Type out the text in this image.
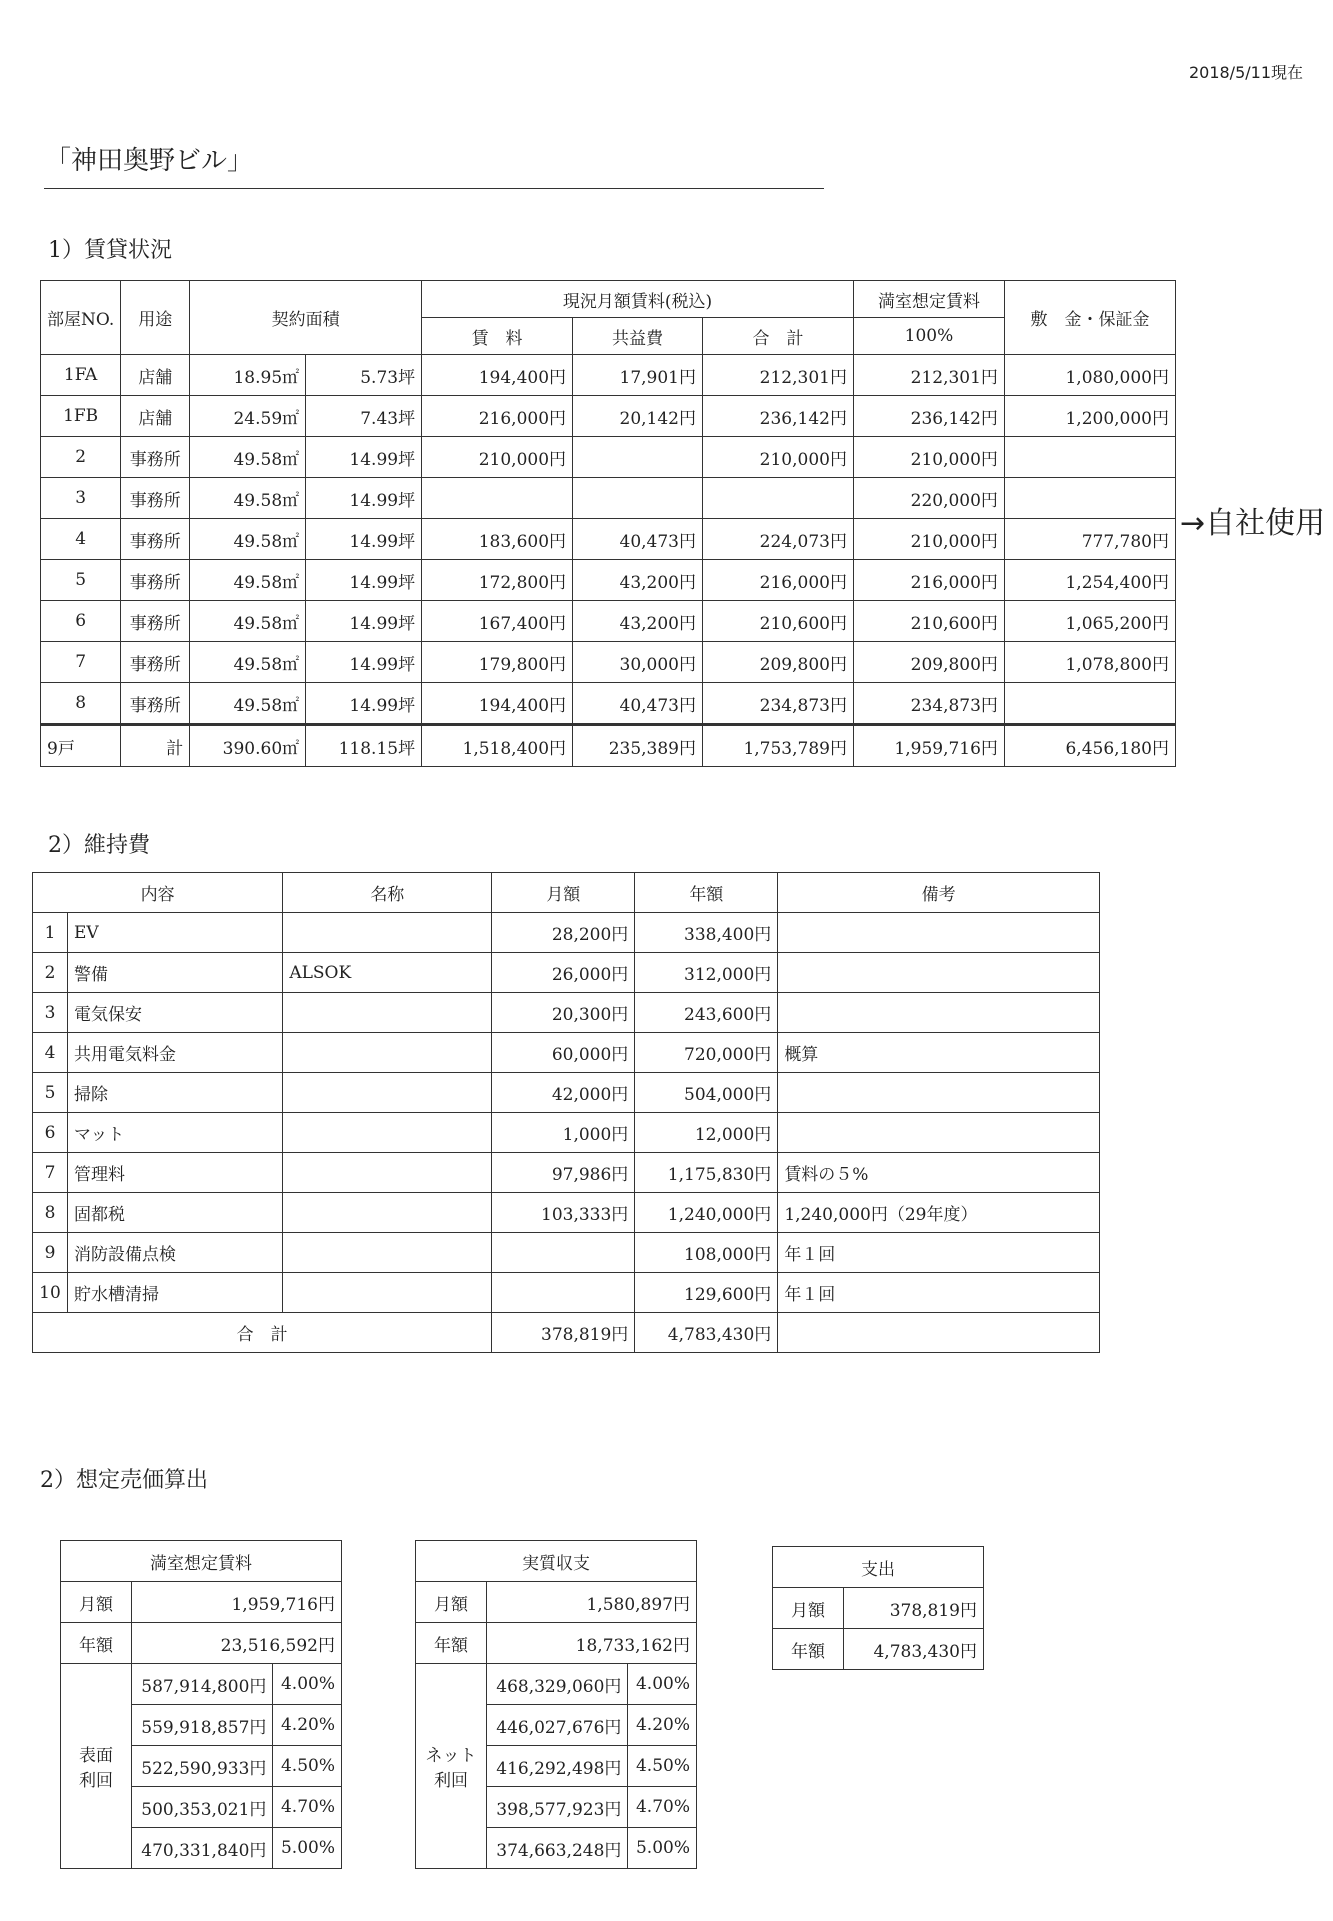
2018/5/11現在
「神田奥野ビル」
1）賃貸状況
部屋NO.	用途	契約面積		現況月額賃料(税込)			満室想定賃料	敷　金・保証金
				賃　料	共益費	合　計	100%	
1FA	店舗	18.95㎡	5.73坪	194,400円	17,901円	212,301円	212,301円	1,080,000円
1FB	店舗	24.59㎡	7.43坪	216,000円	20,142円	236,142円	236,142円	1,200,000円
2	事務所	49.58㎡	14.99坪	210,000円		210,000円	210,000円	
3	事務所	49.58㎡	14.99坪				220,000円	
4	事務所	49.58㎡	14.99坪	183,600円	40,473円	224,073円	210,000円	777,780円
5	事務所	49.58㎡	14.99坪	172,800円	43,200円	216,000円	216,000円	1,254,400円
6	事務所	49.58㎡	14.99坪	167,400円	43,200円	210,600円	210,600円	1,065,200円
7	事務所	49.58㎡	14.99坪	179,800円	30,000円	209,800円	209,800円	1,078,800円
8	事務所	49.58㎡	14.99坪	194,400円	40,473円	234,873円	234,873円	
9戸	計	390.60㎡	118.15坪	1,518,400円	235,389円	1,753,789円	1,959,716円	6,456,180円
→自社使用
2）維持費
内容		名称	月額	年額	備考
1	EV		28,200円	338,400円	
2	警備	ALSOK	26,000円	312,000円	
3	電気保安		20,300円	243,600円	
4	共用電気料金		60,000円	720,000円	概算
5	掃除		42,000円	504,000円	
6	マット		1,000円	12,000円	
7	管理料		97,986円	1,175,830円	賃料の５%
8	固都税		103,333円	1,240,000円	1,240,000円（29年度）
9	消防設備点検			108,000円	年１回
10	貯水槽清掃			129,600円	年１回
合　計			378,819円	4,783,430円	
2）想定売価算出
満室想定賃料		
月額	1,959,716円	
年額	23,516,592円	
表面
利回	587,914,800円	4.00%
	559,918,857円	4.20%
	522,590,933円	4.50%
	500,353,021円	4.70%
	470,331,840円	5.00%
実質収支		
月額	1,580,897円	
年額	18,733,162円	
ネット
利回	468,329,060円	4.00%
	446,027,676円	4.20%
	416,292,498円	4.50%
	398,577,923円	4.70%
	374,663,248円	5.00%
支出	
月額	378,819円
年額	4,783,430円
